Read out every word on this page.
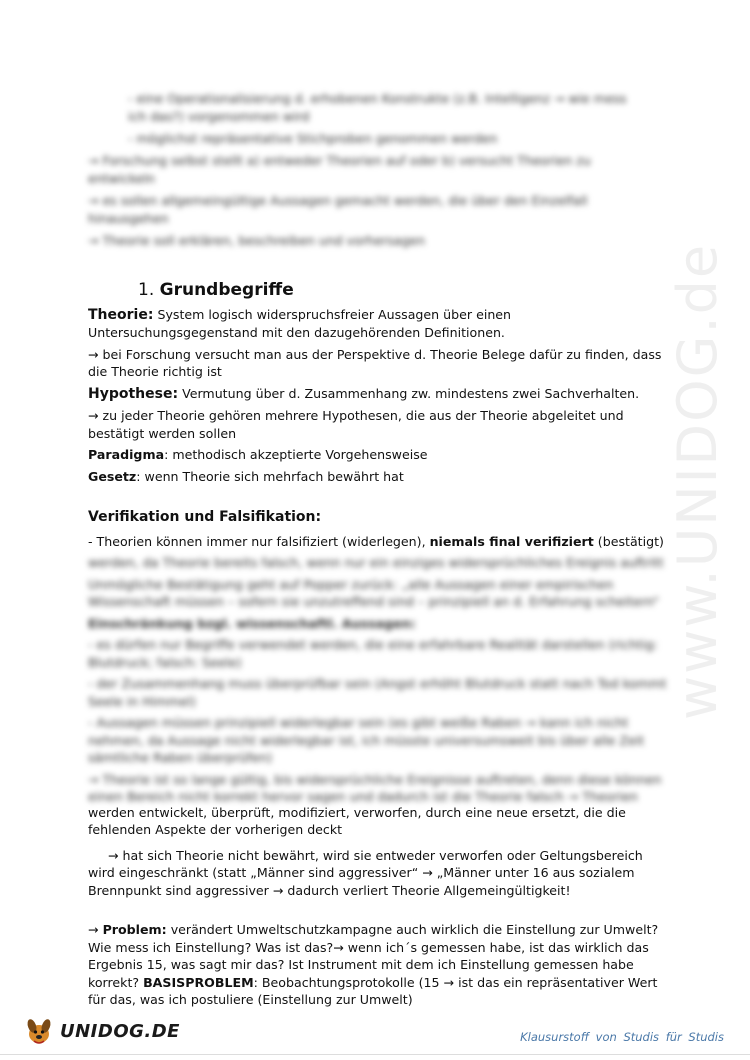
www.UNIDOG.de

- eine Operationalisierung d. erhobenen Konstrukte (z.B. Intelligenz → wie mess ich das?) vorgenommen wird

- möglichst repräsentative Stichproben genommen werden

→ Forschung selbst stellt a) entweder Theorien auf oder b) versucht Theorien zu entwickeln

→ es sollen allgemeingültige Aussagen gemacht werden, die über den Einzelfall hinausgehen

→ Theorie soll erklären, beschreiben und vorhersagen

1. Grundbegriffe

Theorie: System logisch widerspruchsfreier Aussagen über einen Untersuchungsgegenstand mit den dazugehörenden Definitionen.

→ bei Forschung versucht man aus der Perspektive d. Theorie Belege dafür zu finden, dass die Theorie richtig ist

Hypothese: Vermutung über d. Zusammenhang zw. mindestens zwei Sachverhalten.

→ zu jeder Theorie gehören mehrere Hypothesen, die aus der Theorie abgeleitet und bestätigt werden sollen

Paradigma: methodisch akzeptierte Vorgehensweise

Gesetz: wenn Theorie sich mehrfach bewährt hat

Verifikation und Falsifikation:

- Theorien können immer nur falsifiziert (widerlegen), niemals final verifiziert (bestätigt)

werden, da Theorie bereits falsch, wenn nur ein einziges widersprüchliches Ereignis auftritt

Unmögliche Bestätigung geht auf Popper zurück: „alle Aussagen einer empirischen Wissenschaft müssen – sofern sie unzutreffend sind – prinzipiell an d. Erfahrung scheitern“

Einschränkung bzgl. wissenschaftl. Aussagen:

- es dürfen nur Begriffe verwendet werden, die eine erfahrbare Realität darstellen (richtig: Blutdruck; falsch: Seele)

- der Zusammenhang muss überprüfbar sein (Angst erhöht Blutdruck statt nach Tod kommt Seele in Himmel)

- Aussagen müssen prinzipiell widerlegbar sein (es gibt weiße Raben → kann ich nicht nehmen, da Aussage nicht widerlegbar ist, ich müsste universumsweit bis über alle Zeit sämtliche Raben überprüfen)

→ Theorie ist so lange gültig, bis widersprüchliche Ereignisse auftreten, denn diese können einen Bereich nicht korrekt hervor sagen und dadurch ist die Theorie falsch → Theorien

werden entwickelt, überprüft, modifiziert, verworfen, durch eine neue ersetzt, die die fehlenden Aspekte der vorherigen deckt

→ hat sich Theorie nicht bewährt, wird sie entweder verworfen oder Geltungsbereich wird eingeschränkt (statt „Männer sind aggressiver“ → „Männer unter 16 aus sozialem Brennpunkt sind aggressiver → dadurch verliert Theorie Allgemeingültigkeit!

→ Problem: verändert Umweltschutzkampagne auch wirklich die Einstellung zur Umwelt? Wie mess ich Einstellung? Was ist das?→ wenn ich´s gemessen habe, ist das wirklich das Ergebnis 15, was sagt mir das? Ist Instrument mit dem ich Einstellung gemessen habe korrekt? BASISPROBLEM: Beobachtungsprotokolle (15 → ist das ein repräsentativer Wert für das, was ich postuliere (Einstellung zur Umwelt)

UNIDOG.DE	Klausurstoff von Studis für Studis
